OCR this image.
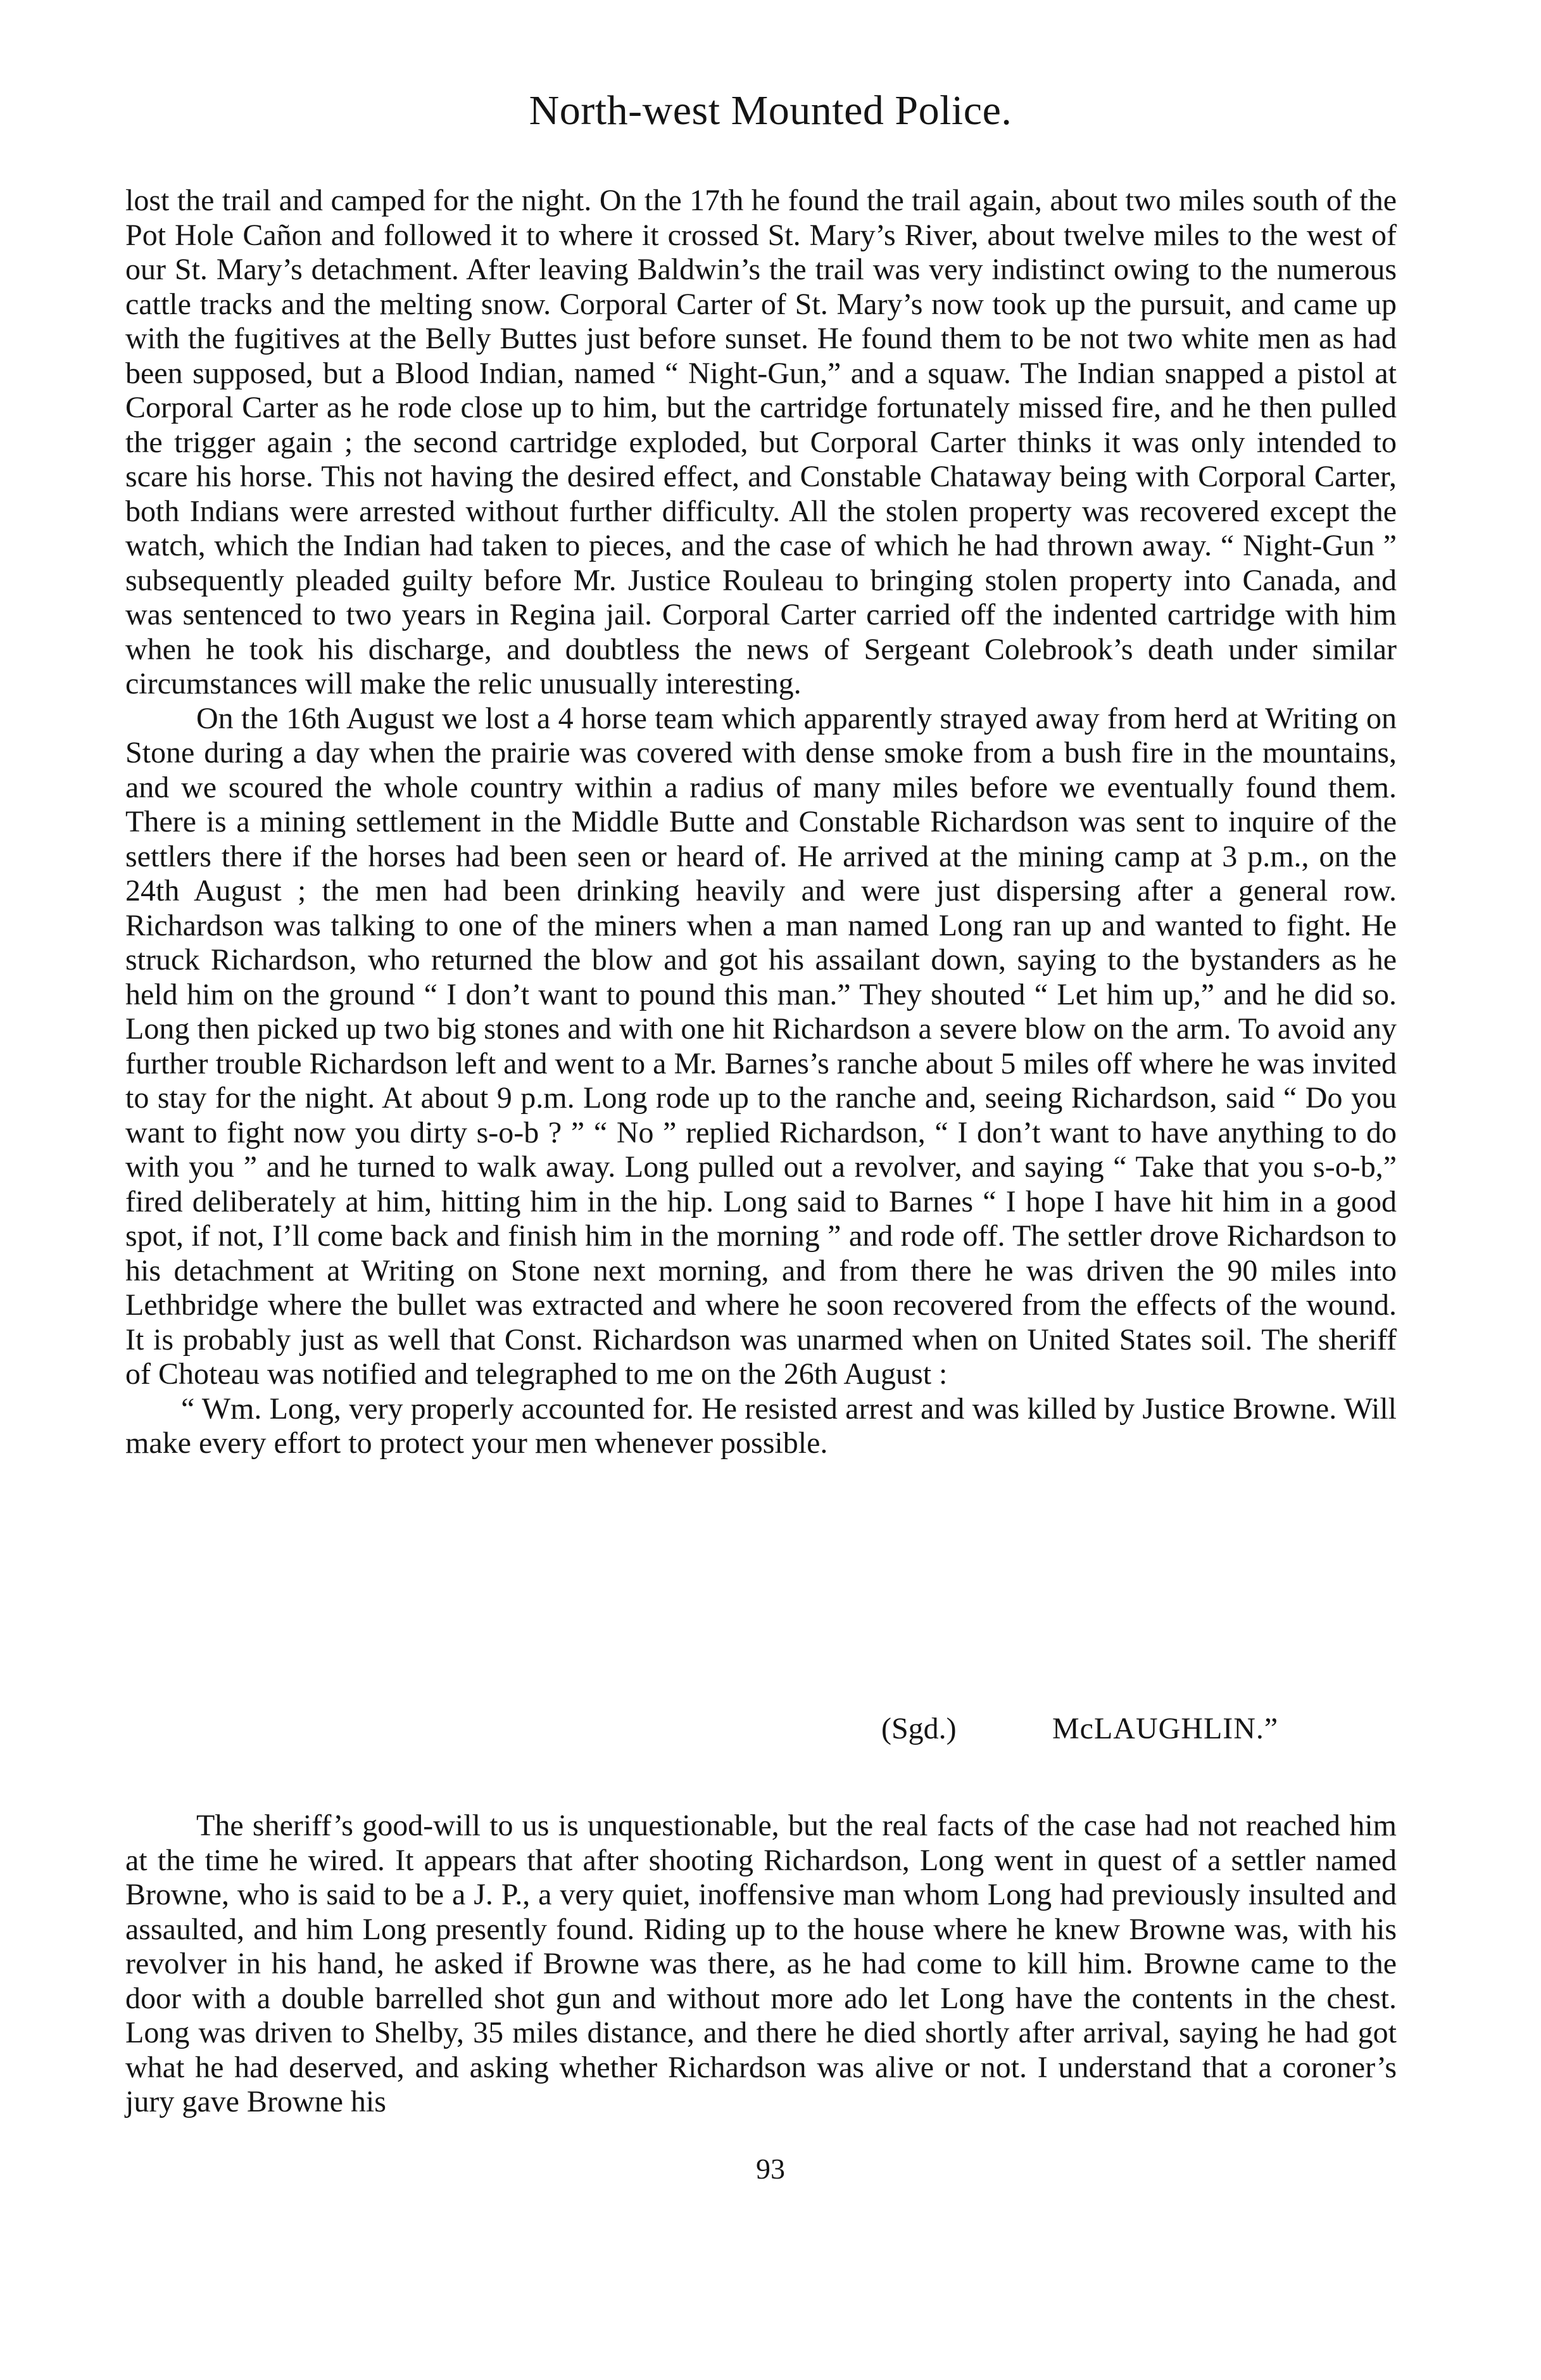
North-west Mounted Police.

lost the trail and camped for the night. On the 17th he found the trail again, about two miles south of the Pot Hole Cañon and followed it to where it crossed St. Mary’s River, about twelve miles to the west of our St. Mary’s detachment. After leaving Baldwin’s the trail was very indistinct owing to the numerous cattle tracks and the melting snow. Corporal Carter of St. Mary’s now took up the pursuit, and came up with the fugitives at the Belly Buttes just before sunset. He found them to be not two white men as had been supposed, but a Blood Indian, named “ Night-Gun,” and a squaw. The Indian snapped a pistol at Corporal Carter as he rode close up to him, but the cartridge fortunately missed fire, and he then pulled the trigger again ; the second cartridge exploded, but Corporal Carter thinks it was only intended to scare his horse. This not having the desired effect, and Constable Chataway being with Corporal Carter, both Indians were arrested without further difficulty. All the stolen property was recovered except the watch, which the Indian had taken to pieces, and the case of which he had thrown away. “ Night-Gun ” subsequently pleaded guilty before Mr. Justice Rouleau to bringing stolen property into Canada, and was sentenced to two years in Regina jail. Corporal Carter carried off the indented cartridge with him when he took his discharge, and doubtless the news of Sergeant Colebrook’s death under similar circumstances will make the relic unusually interesting.

On the 16th August we lost a 4 horse team which apparently strayed away from herd at Writing on Stone during a day when the prairie was covered with dense smoke from a bush fire in the mountains, and we scoured the whole country within a radius of many miles before we eventually found them. There is a mining settlement in the Middle Butte and Constable Richardson was sent to inquire of the settlers there if the horses had been seen or heard of. He arrived at the mining camp at 3 p.m., on the 24th August ; the men had been drinking heavily and were just dispersing after a general row. Richardson was talking to one of the miners when a man named Long ran up and wanted to fight. He struck Richardson, who returned the blow and got his assailant down, saying to the bystanders as he held him on the ground “ I don’t want to pound this man.” They shouted “ Let him up,” and he did so. Long then picked up two big stones and with one hit Richardson a severe blow on the arm. To avoid any further trouble Richardson left and went to a Mr. Barnes’s ranche about 5 miles off where he was invited to stay for the night. At about 9 p.m. Long rode up to the ranche and, seeing Richardson, said “ Do you want to fight now you dirty s-o-b ? ” “ No ” replied Richardson, “ I don’t want to have anything to do with you ” and he turned to walk away. Long pulled out a revolver, and saying “ Take that you s-o-b,” fired deliberately at him, hitting him in the hip. Long said to Barnes “ I hope I have hit him in a good spot, if not, I’ll come back and finish him in the morning ” and rode off. The settler drove Richardson to his detachment at Writing on Stone next morning, and from there he was driven the 90 miles into Lethbridge where the bullet was extracted and where he soon recovered from the effects of the wound. It is probably just as well that Const. Richardson was unarmed when on United States soil. The sheriff of Choteau was notified and telegraphed to me on the 26th August :

“ Wm. Long, very properly accounted for. He resisted arrest and was killed by Justice Browne. Will make every effort to protect your men whenever possible.

(Sgd.)	McLAUGHLIN.”
The sheriff’s good-will to us is unquestionable, but the real facts of the case had not reached him at the time he wired. It appears that after shooting Richardson, Long went in quest of a settler named Browne, who is said to be a J. P., a very quiet, inoffensive man whom Long had previously insulted and assaulted, and him Long presently found. Riding up to the house where he knew Browne was, with his revolver in his hand, he asked if Browne was there, as he had come to kill him. Browne came to the door with a double barrelled shot gun and without more ado let Long have the contents in the chest. Long was driven to Shelby, 35 miles distance, and there he died shortly after arrival, saying he had got what he had deserved, and asking whether Richardson was alive or not. I understand that a coroner’s jury gave Browne his
93
